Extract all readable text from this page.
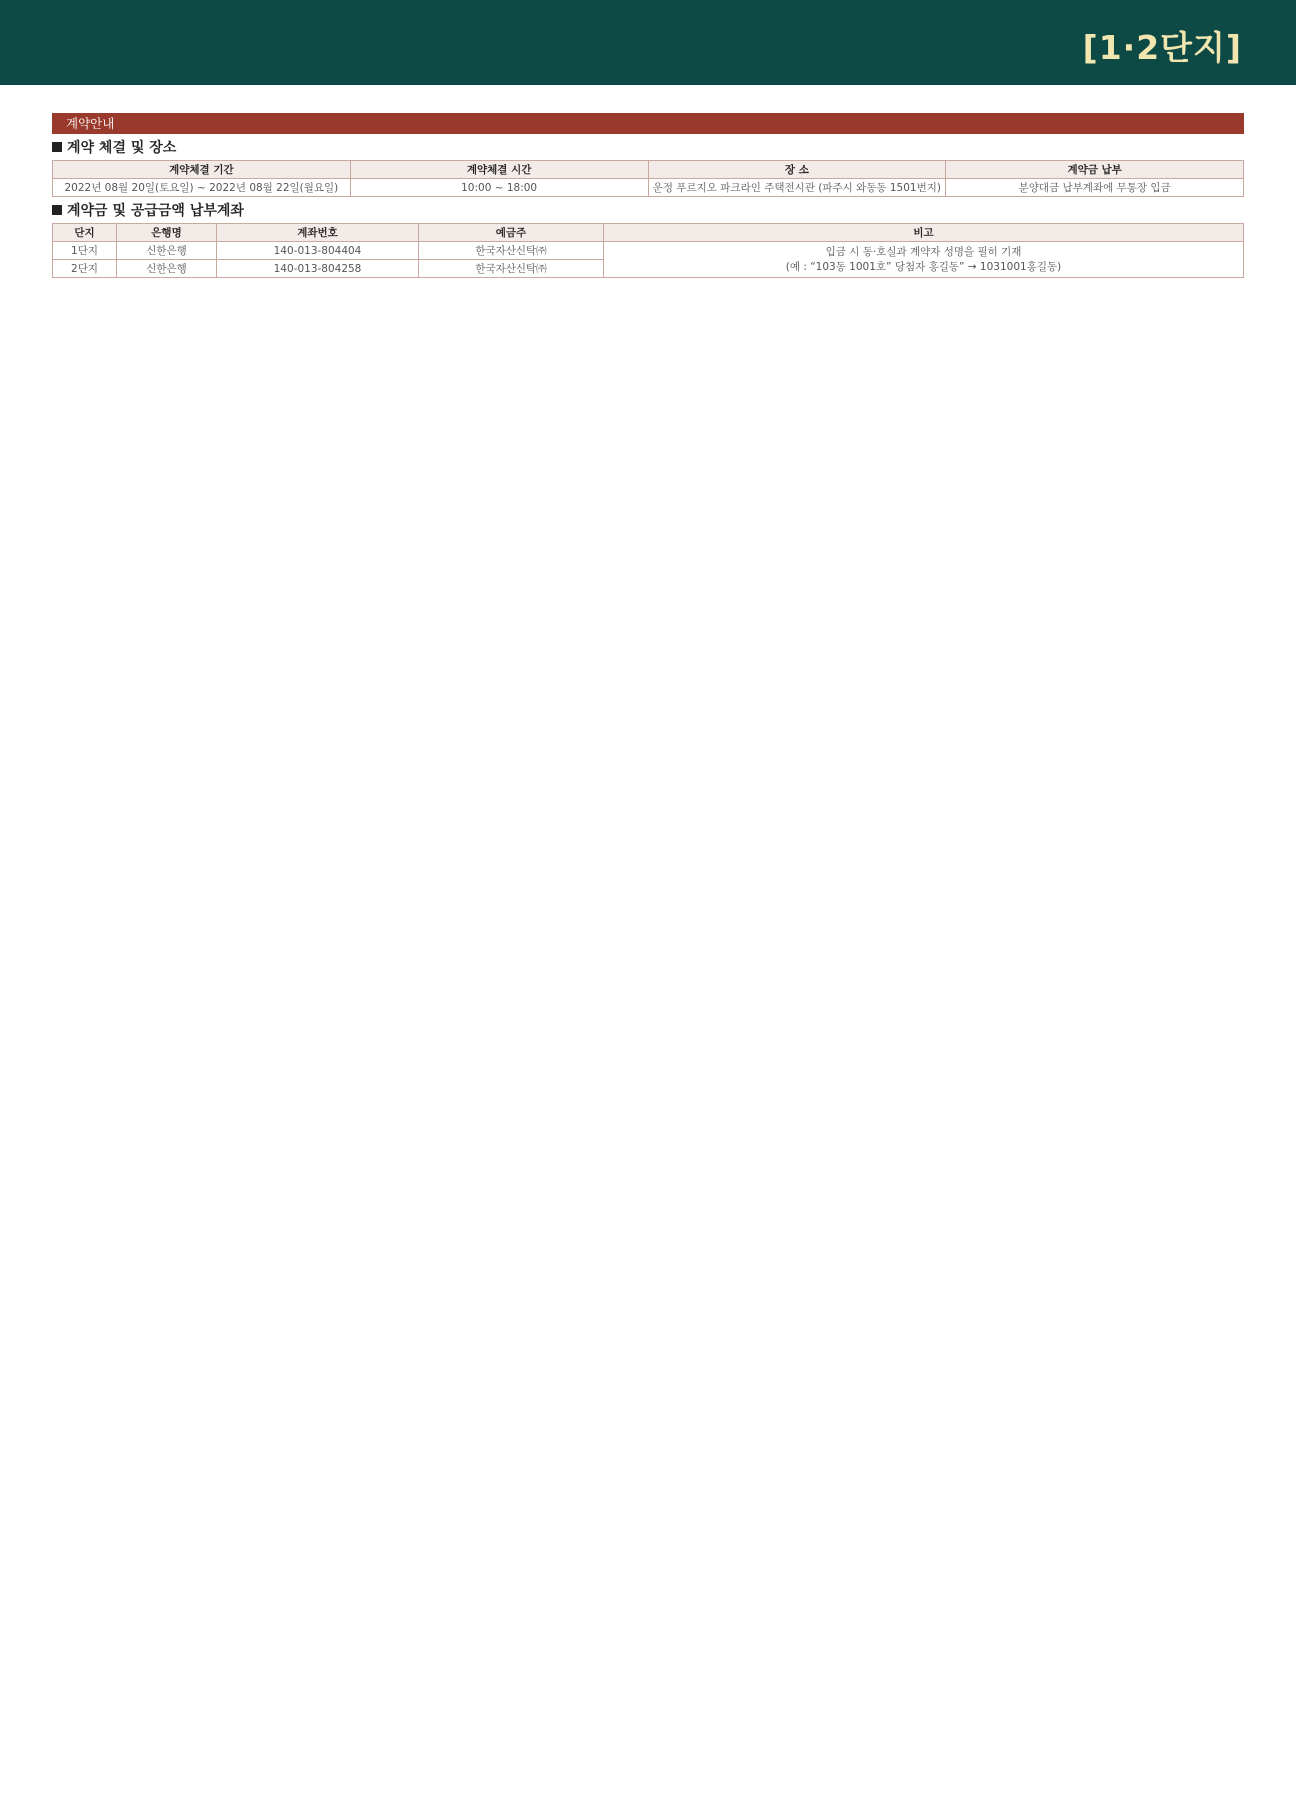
[1·2단지]
계약안내
계약 체결 및 장소
계약체결 기간	계약체결 시간	장 소	계약금 납부
2022년 08월 20일(토요일) ~ 2022년 08월 22일(월요일)	10:00 ~ 18:00	운정 푸르지오 파크라인 주택전시관 (파주시 와동동 1501번지)	분양대금 납부계좌에 무통장 입금
계약금 및 공급금액 납부계좌
단지	은행명	계좌번호	예금주	비고
1단지	신한은행	140-013-804404	한국자산신탁㈜	입금 시 동·호실과 계약자 성명을 필히 기재
(예 : “103동 1001호” 당첨자 홍길동” → 1031001홍길동)
2단지	신한은행	140-013-804258	한국자산신탁㈜	
